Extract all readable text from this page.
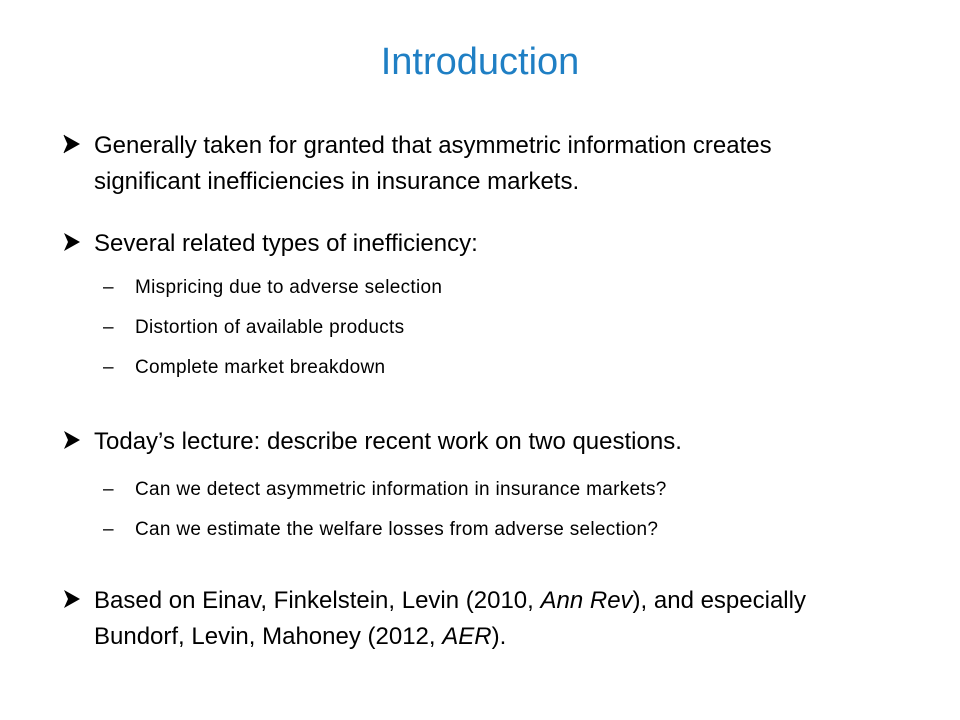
Introduction
Generally taken for granted that asymmetric information creates significant inefficiencies in insurance markets.
Several related types of inefficiency:
– Mispricing due to adverse selection
– Distortion of available products
– Complete market breakdown
Today’s lecture: describe recent work on two questions.
– Can we detect asymmetric information in insurance markets?
– Can we estimate the welfare losses from adverse selection?
Based on Einav, Finkelstein, Levin (2010, Ann Rev), and especially Bundorf, Levin, Mahoney (2012, AER).
